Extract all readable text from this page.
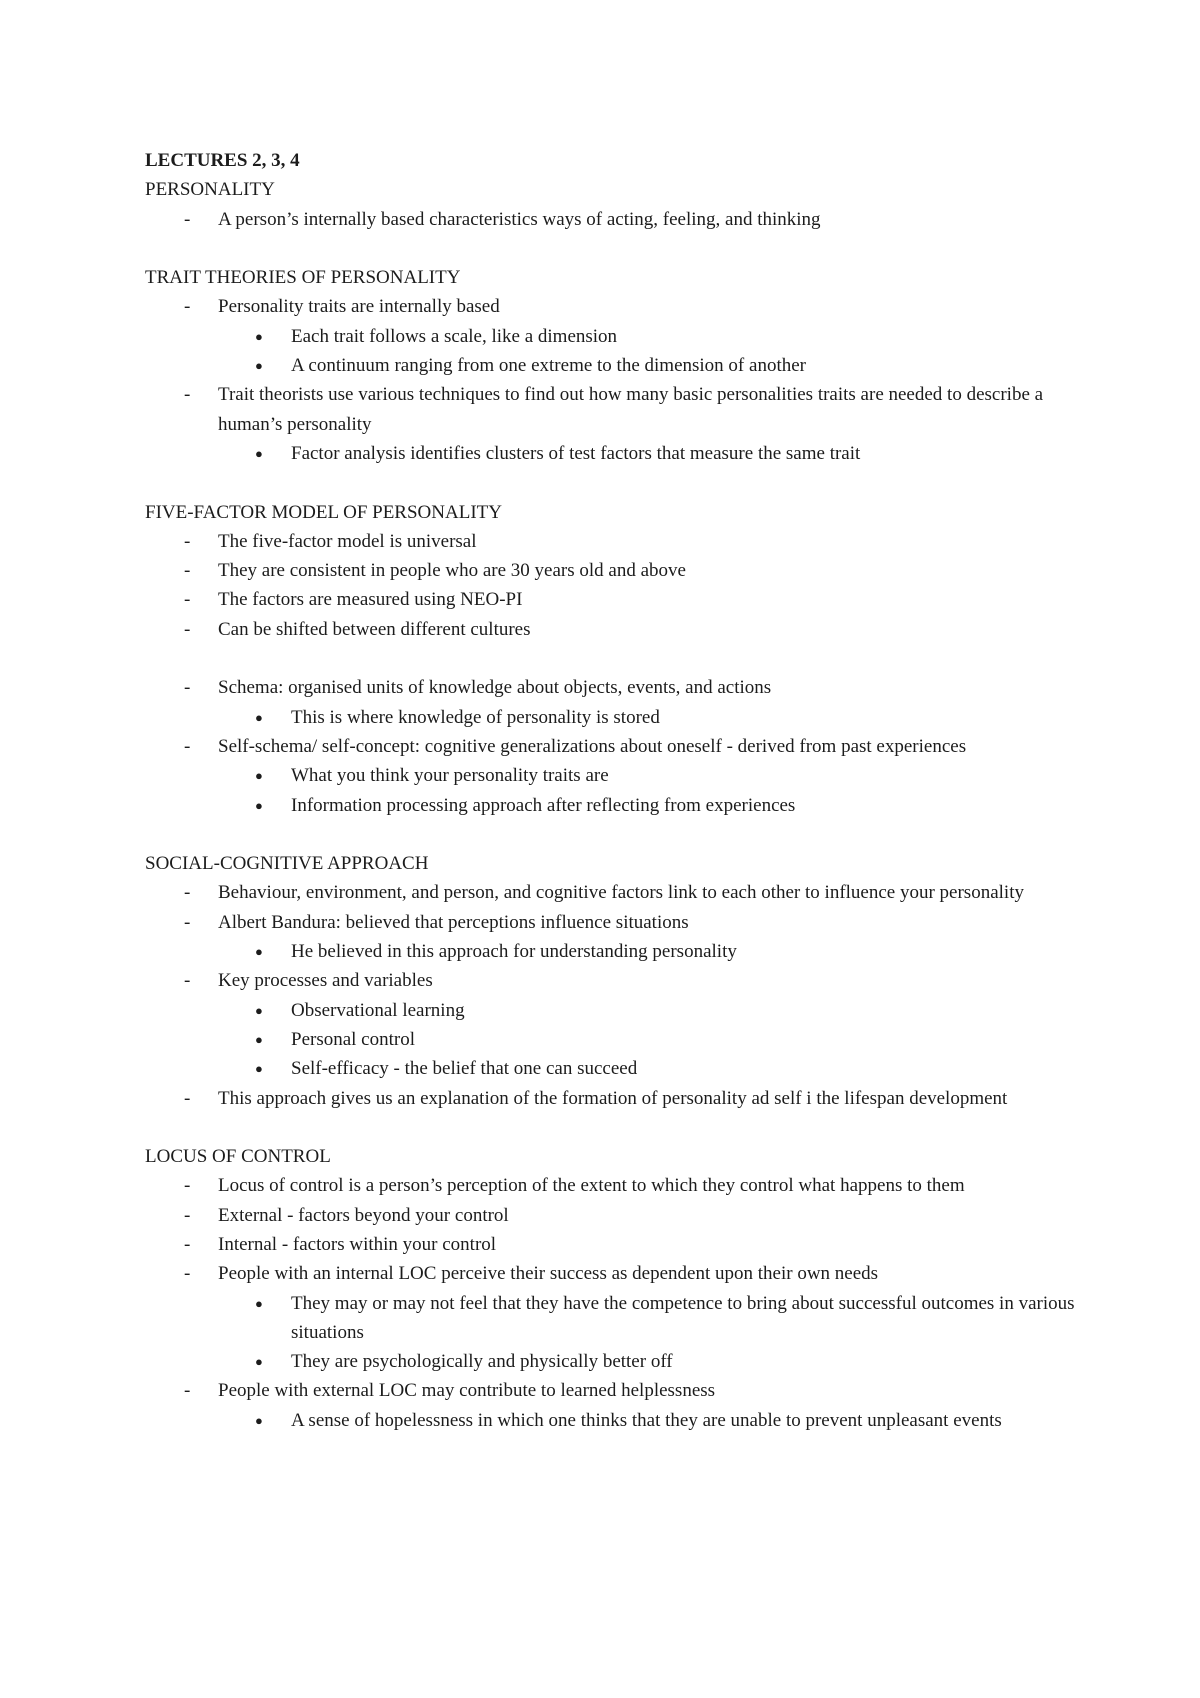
LECTURES 2, 3, 4

PERSONALITY

- A person’s internally based characteristics ways of acting, feeling, and thinking

TRAIT THEORIES OF PERSONALITY

- Personality traits are internally based
● Each trait follows a scale, like a dimension
● A continuum ranging from one extreme to the dimension of another
- Trait theorists use various techniques to find out how many basic personalities traits are needed to describe a human’s personality
● Factor analysis identifies clusters of test factors that measure the same trait

FIVE-FACTOR MODEL OF PERSONALITY

- The five-factor model is universal
- They are consistent in people who are 30 years old and above
- The factors are measured using NEO-PI
- Can be shifted between different cultures
- Schema: organised units of knowledge about objects, events, and actions
● This is where knowledge of personality is stored
- Self-schema/ self-concept: cognitive generalizations about oneself - derived from past experiences
● What you think your personality traits are
● Information processing approach after reflecting from experiences

SOCIAL-COGNITIVE APPROACH

- Behaviour, environment, and person, and cognitive factors link to each other to influence your personality
- Albert Bandura: believed that perceptions influence situations
● He believed in this approach for understanding personality
- Key processes and variables
● Observational learning
● Personal control
● Self-efficacy - the belief that one can succeed
- This approach gives us an explanation of the formation of personality ad self i the lifespan development

LOCUS OF CONTROL

- Locus of control is a person’s perception of the extent to which they control what happens to them
- External - factors beyond your control
- Internal - factors within your control
- People with an internal LOC perceive their success as dependent upon their own needs
● They may or may not feel that they have the competence to bring about successful outcomes in various situations
● They are psychologically and physically better off
- People with external LOC may contribute to learned helplessness
● A sense of hopelessness in which one thinks that they are unable to prevent unpleasant events
